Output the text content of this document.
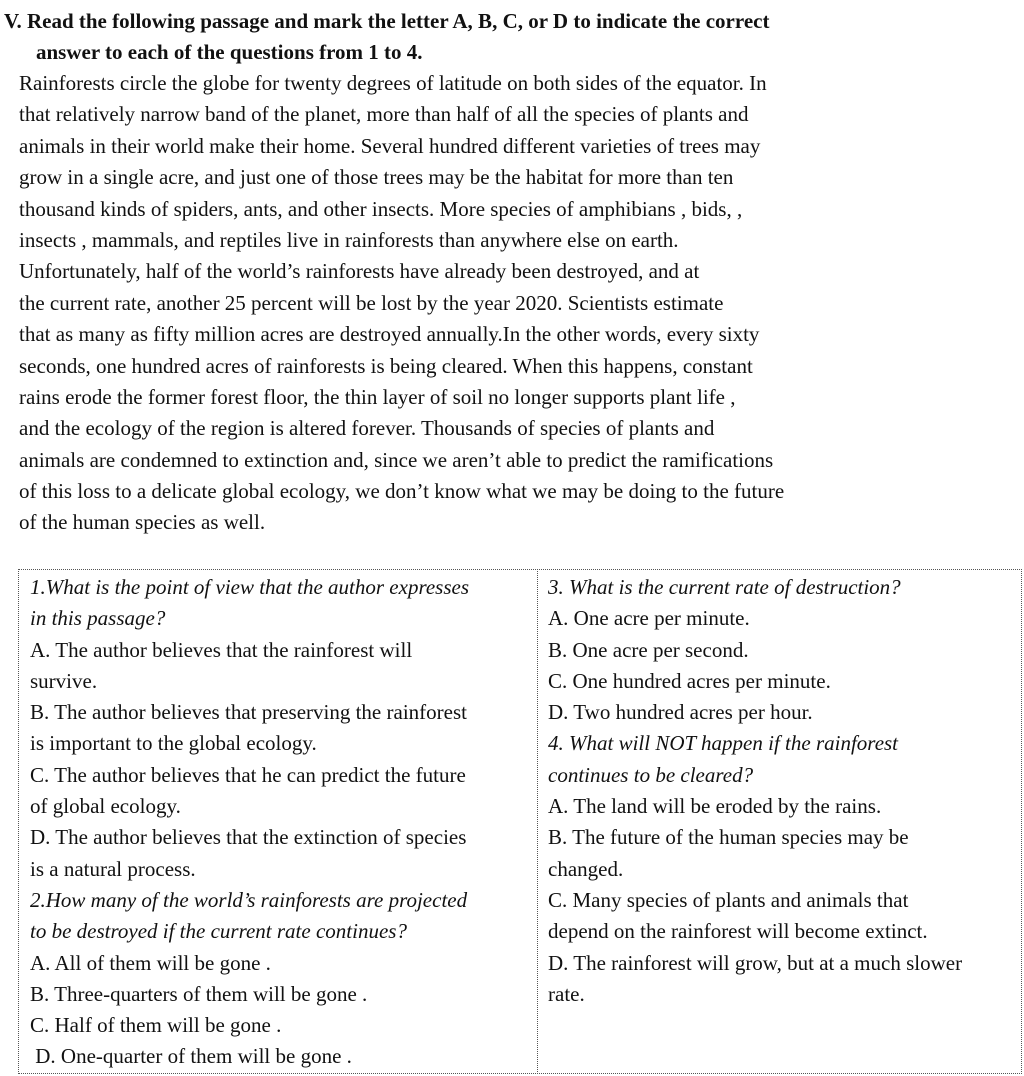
V. Read the following passage and mark the letter A, B, C, or D to indicate the correct
answer to each of the questions from 1 to 4.
Rainforests circle the globe for twenty degrees of latitude on both sides of the equator. In
that relatively narrow band of the planet, more than half of all the species of plants and
animals in their world make their home. Several hundred different varieties of trees may
grow in a single acre, and just one of those trees may be the habitat for more than ten
thousand kinds of spiders, ants, and other insects. More species of amphibians , bids, ,
insects , mammals, and reptiles live in rainforests than anywhere else on earth.
Unfortunately, half of the world’s rainforests have already been destroyed, and at
the current rate, another 25 percent will be lost by the year 2020. Scientists estimate
that as many as fifty million acres are destroyed annually.In the other words, every sixty
seconds, one hundred acres of rainforests is being cleared. When this happens, constant
rains erode the former forest floor, the thin layer of soil no longer supports plant life ,
and the ecology of the region is altered forever. Thousands of species of plants and
animals are condemned to extinction and, since we aren’t able to predict the ramifications
of this loss to a delicate global ecology, we don’t know what we may be doing to the future
of the human species as well.
1.What is the point of view that the author expresses
in this passage?
A. The author believes that the rainforest will
survive.
B. The author believes that preserving the rainforest
is important to the global ecology.
C. The author believes that he can predict the future
of global ecology.
D. The author believes that the extinction of species
is a natural process.
2.How many of the world’s rainforests are projected
to be destroyed if the current rate continues?
A. All of them will be gone .
B. Three-quarters of them will be gone .
C. Half of them will be gone .
D. One-quarter of them will be gone .
3. What is the current rate of destruction?
A. One acre per minute.
B. One acre per second.
C. One hundred acres per minute.
D. Two hundred acres per hour.
4. What will NOT happen if the rainforest
continues to be cleared?
A. The land will be eroded by the rains.
B. The future of the human species may be
changed.
C. Many species of plants and animals that
depend on the rainforest will become extinct.
D. The rainforest will grow, but at a much slower
rate.
